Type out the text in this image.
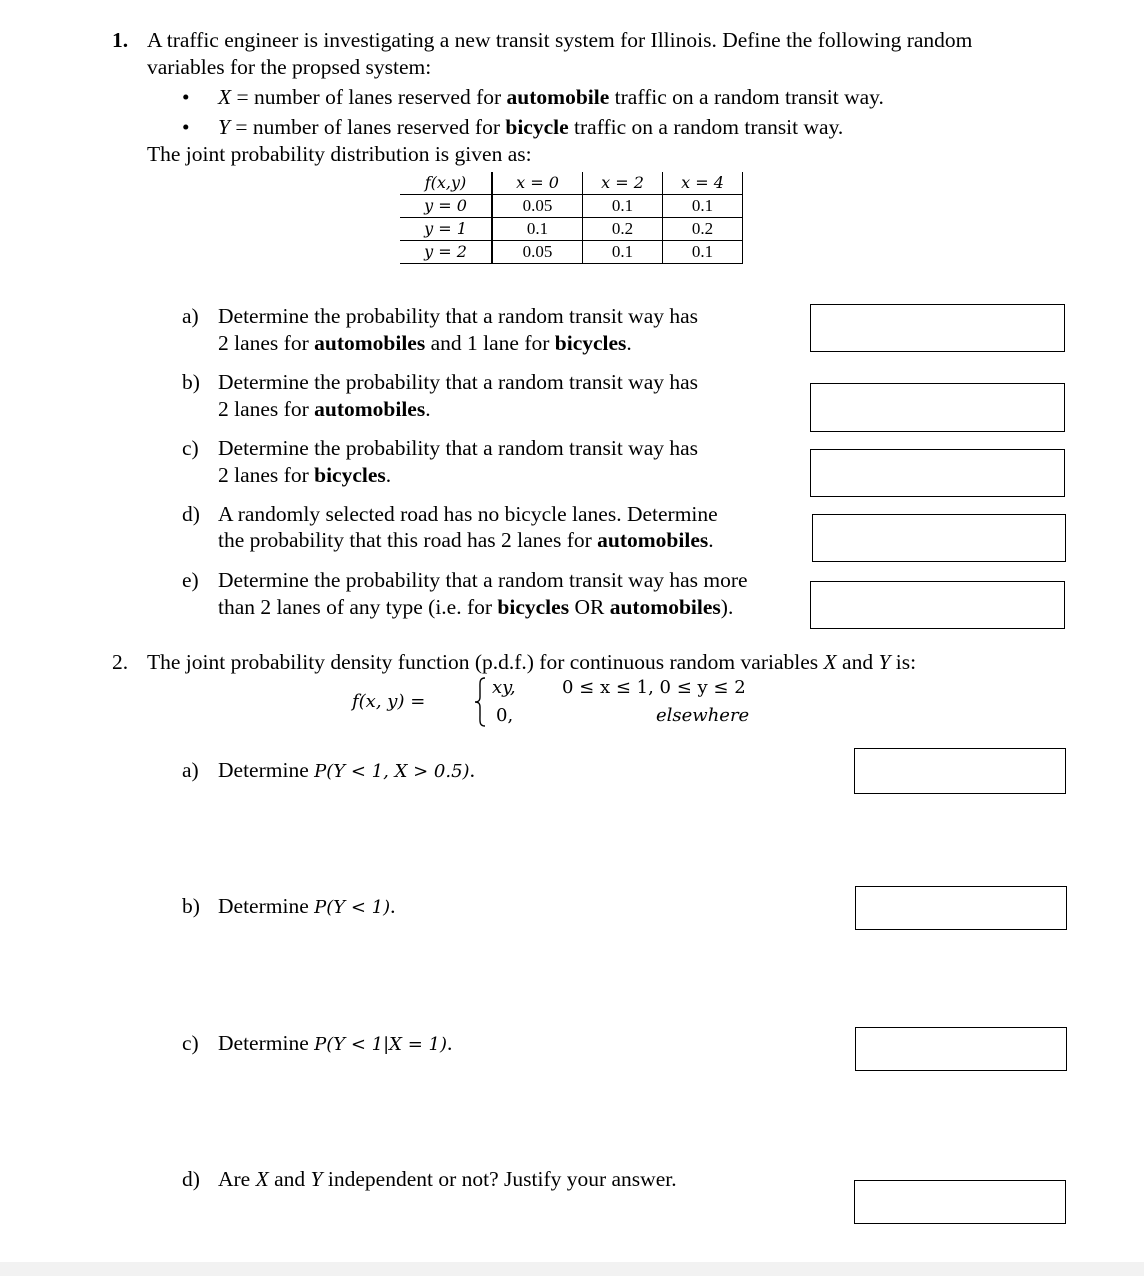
1. A traffic engineer is investigating a new transit system for Illinois. Define the following random
variables for the propsed system:
• X = number of lanes reserved for automobile traffic on a random transit way.
• Y = number of lanes reserved for bicycle traffic on a random transit way.
The joint probability distribution is given as:
f(x,y)	x = 0	x = 2	x = 4
y = 0	0.05	0.1	0.1
y = 1	0.1	0.2	0.2
y = 2	0.05	0.1	0.1
a) Determine the probability that a random transit way has
2 lanes for automobiles and 1 lane for bicycles.
b) Determine the probability that a random transit way has
2 lanes for automobiles.
c) Determine the probability that a random transit way has
2 lanes for bicycles.
d) A randomly selected road has no bicycle lanes. Determine
the probability that this road has 2 lanes for automobiles.
e) Determine the probability that a random transit way has more
than 2 lanes of any type (i.e. for bicycles OR automobiles).
2. The joint probability density function (p.d.f.) for continuous random variables X and Y is:
f(x, y) =
xy,
0,
0 ≤ x ≤ 1, 0 ≤ y ≤ 2
elsewhere
a) Determine P(Y < 1, X > 0.5).
b) Determine P(Y < 1).
c) Determine P(Y < 1|X = 1).
d) Are X and Y independent or not? Justify your answer.
